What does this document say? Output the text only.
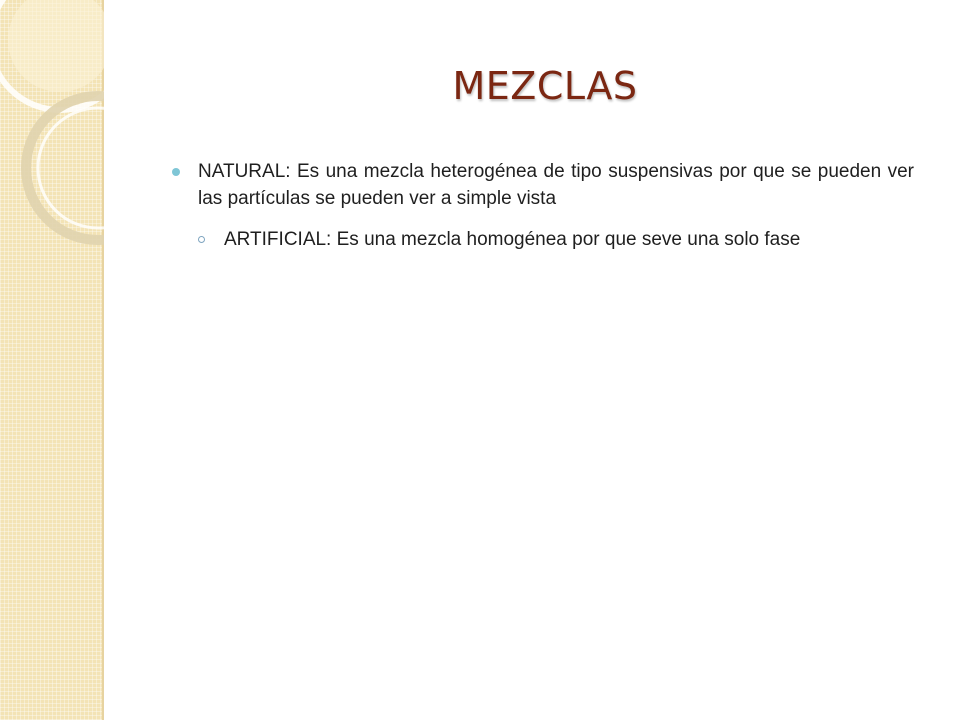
MEZCLAS
NATURAL: Es una mezcla heterogénea de tipo suspensivas por que se pueden ver las partículas se pueden ver a simple vista
ARTIFICIAL: Es una mezcla homogénea por que seve una solo fase
